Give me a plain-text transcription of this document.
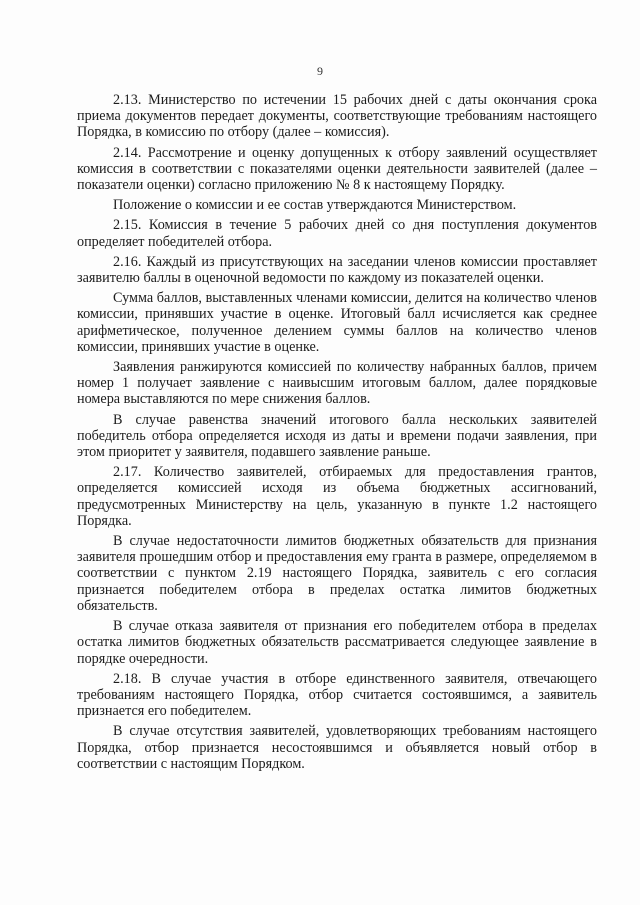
9

2.13. Министерство по истечении 15 рабочих дней с даты окончания срока приема документов передает документы, соответствующие требованиям настоящего Порядка, в комиссию по отбору (далее – комиссия).

2.14. Рассмотрение и оценку допущенных к отбору заявлений осуществляет комиссия в соответствии с показателями оценки деятельности заявителей (далее – показатели оценки) согласно приложению № 8 к настоящему Порядку.

Положение о комиссии и ее состав утверждаются Министерством.

2.15. Комиссия в течение 5 рабочих дней со дня поступления документов определяет победителей отбора.

2.16. Каждый из присутствующих на заседании членов комиссии проставляет заявителю баллы в оценочной ведомости по каждому из показателей оценки.

Сумма баллов, выставленных членами комиссии, делится на количество членов комиссии, принявших участие в оценке. Итоговый балл исчисляется как среднее арифметическое, полученное делением суммы баллов на количество членов комиссии, принявших участие в оценке.

Заявления ранжируются комиссией по количеству набранных баллов, причем номер 1 получает заявление с наивысшим итоговым баллом, далее порядковые номера выставляются по мере снижения баллов.

В случае равенства значений итогового балла нескольких заявителей победитель отбора определяется исходя из даты и времени подачи заявления, при этом приоритет у заявителя, подавшего заявление раньше.

2.17. Количество заявителей, отбираемых для предоставления грантов, определяется комиссией исходя из объема бюджетных ассигнований, предусмотренных Министерству на цель, указанную в пункте 1.2 настоящего Порядка.

В случае недостаточности лимитов бюджетных обязательств для признания заявителя прошедшим отбор и предоставления ему гранта в размере, определяемом в соответствии с пунктом 2.19 настоящего Порядка, заявитель с его согласия признается победителем отбора в пределах остатка лимитов бюджетных обязательств.

В случае отказа заявителя от признания его победителем отбора в пределах остатка лимитов бюджетных обязательств рассматривается следующее заявление в порядке очередности.

2.18. В случае участия в отборе единственного заявителя, отвечающего требованиям настоящего Порядка, отбор считается состоявшимся, а заявитель признается его победителем.

В случае отсутствия заявителей, удовлетворяющих требованиям настоящего Порядка, отбор признается несостоявшимся и объявляется новый отбор в соответствии с настоящим Порядком.
